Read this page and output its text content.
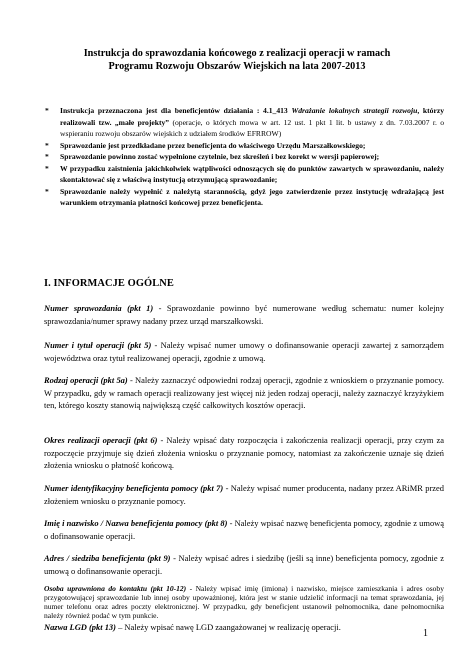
Instrukcja do sprawozdania końcowego z realizacji operacji w ramach
Programu Rozwoju Obszarów Wiejskich na lata 2007-2013
* Instrukcja przeznaczona jest dla beneficjentów działania : 4.1_413 Wdrażanie lokalnych strategii rozwoju, którzy realizowali tzw. „małe projekty” (operacje, o których mowa w art. 12 ust. 1 pkt 1 lit. b ustawy z dn. 7.03.2007 r. o wspieraniu rozwoju obszarów wiejskich z udziałem środków EFRROW)
* Sprawozdanie jest przedkładane przez beneficjenta do właściwego Urzędu Marszałkowskiego;
* Sprawozdanie powinno zostać wypełnione czytelnie, bez skreśleń i bez korekt w wersji papierowej;
* W przypadku zaistnienia jakichkolwiek wątpliwości odnoszących się do punktów zawartych w sprawozdaniu, należy skontaktować się z właściwą instytucją otrzymującą sprawozdanie;
* Sprawozdanie należy wypełnić z należytą starannością, gdyż jego zatwierdzenie przez instytucję wdrażającą jest warunkiem otrzymania płatności końcowej przez beneficjenta.
I. INFORMACJE OGÓLNE
Numer sprawozdania (pkt 1) - Sprawozdanie powinno być numerowane według schematu: numer kolejny sprawozdania/numer sprawy nadany przez urząd marszałkowski.
Numer i tytuł operacji (pkt 5) - Należy wpisać numer umowy o dofinansowanie operacji zawartej z samorządem województwa oraz tytuł realizowanej operacji, zgodnie z umową.
Rodzaj operacji (pkt 5a) - Należy zaznaczyć odpowiedni rodzaj operacji, zgodnie z wnioskiem o przyznanie pomocy. W przypadku, gdy w ramach operacji realizowany jest więcej niż jeden rodzaj operacji, należy zaznaczyć krzyżykiem ten, którego koszty stanowią największą część całkowitych kosztów operacji.
Okres realizacji operacji (pkt 6) - Należy wpisać daty rozpoczęcia i zakończenia realizacji operacji, przy czym za rozpoczęcie przyjmuje się dzień złożenia wniosku o przyznanie pomocy, natomiast za zakończenie uznaje się dzień złożenia wniosku o płatność końcową.
Numer identyfikacyjny beneficjenta pomocy (pkt 7) - Należy wpisać numer producenta, nadany przez ARiMR przed złożeniem wniosku o przyznanie pomocy.
Imię i nazwisko / Nazwa beneficjenta pomocy (pkt 8) - Należy wpisać nazwę beneficjenta pomocy, zgodnie z umową o dofinansowanie operacji.
Adres / siedziba beneficjenta (pkt 9) - Należy wpisać adres i siedzibę (jeśli są inne) beneficjenta pomocy, zgodnie z umową o dofinansowanie operacji.
Osoba uprawniona do kontaktu (pkt 10-12) - Należy wpisać imię (imiona) i nazwisko, miejsce zamieszkania i adres osoby przygotowującej sprawozdanie lub innej osoby upoważnionej, która jest w stanie udzielić informacji na temat sprawozdania, jej numer telefonu oraz adres poczty elektronicznej. W przypadku, gdy beneficjent ustanowił pełnomocnika, dane pełnomocnika należy również podać w tym punkcie.
Nazwa LGD (pkt 13) – Należy wpisać nawę LGD zaangażowanej w realizację operacji.
1
